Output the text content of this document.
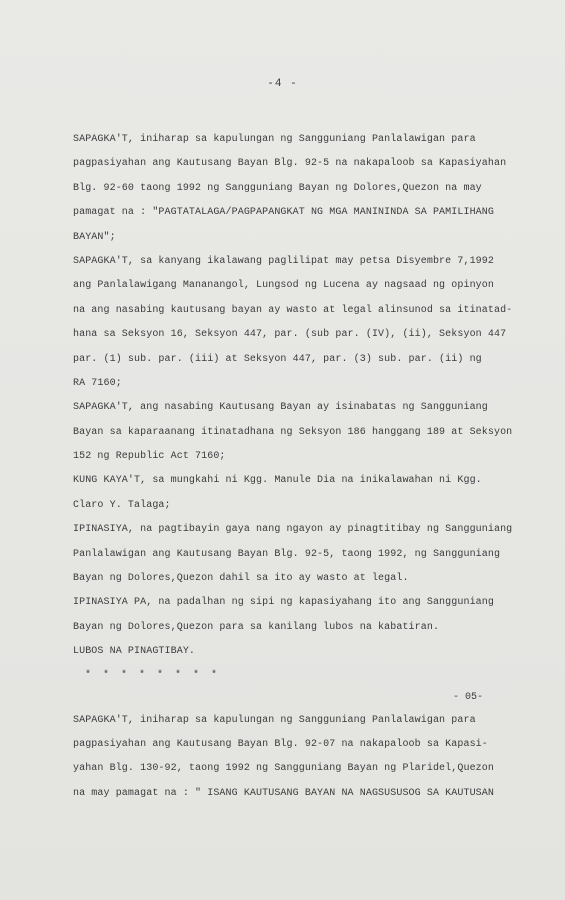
-4 -
SAPAGKA'T, iniharap sa kapulungan ng Sangguniang Panlalawigan para
pagpasiyahan ang Kautusang Bayan Blg. 92-5 na nakapaloob sa Kapasiyahan
Blg. 92-60 taong 1992 ng Sangguniang Bayan ng Dolores,Quezon na may
pamagat na : "PAGTATALAGA/PAGPAPANGKAT NG MGA MANININDA SA PAMILIHANG
BAYAN";
SAPAGKA'T, sa kanyang ikalawang paglilipat may petsa Disyembre 7,1992
ang Panlalawigang Mananangol, Lungsod ng Lucena ay nagsaad ng opinyon
na ang nasabing kautusang bayan ay wasto at legal alinsunod sa itinatad-
hana sa Seksyon 16, Seksyon 447, par. (sub par. (IV), (ii), Seksyon 447
par. (1) sub. par. (iii) at Seksyon 447, par. (3) sub. par. (ii) ng
RA 7160;
SAPAGKA'T, ang nasabing Kautusang Bayan ay isinabatas ng Sangguniang
Bayan sa kaparaanang itinatadhana ng Seksyon 186 hanggang 189 at Seksyon
152 ng Republic Act 7160;
KUNG KAYA'T, sa mungkahi ni Kgg. Manule Dia na inikalawahan ni Kgg.
Claro Y. Talaga;
IPINASIYA, na pagtibayin gaya nang ngayon ay pinagtitibay ng Sangguniang
Panlalawigan ang Kautusang Bayan Blg. 92-5, taong 1992, ng Sangguniang
Bayan ng Dolores,Quezon dahil sa ito ay wasto at legal.
IPINASIYA PA, na padalhan ng sipi ng kapasiyahang ito ang Sangguniang
Bayan ng Dolores,Quezon para sa kanilang lubos na kabatiran.
LUBOS NA PINAGTIBAY.
* * * * * * * *
- 05-
SAPAGKA'T, iniharap sa kapulungan ng Sangguniang Panlalawigan para
pagpasiyahan ang Kautusang Bayan Blg. 92-07 na nakapaloob sa Kapasi-
yahan Blg. 130-92, taong 1992 ng Sangguniang Bayan ng Plaridel,Quezon
na may pamagat na : " ISANG KAUTUSANG BAYAN NA NAGSUSUSOG SA KAUTUSAN
